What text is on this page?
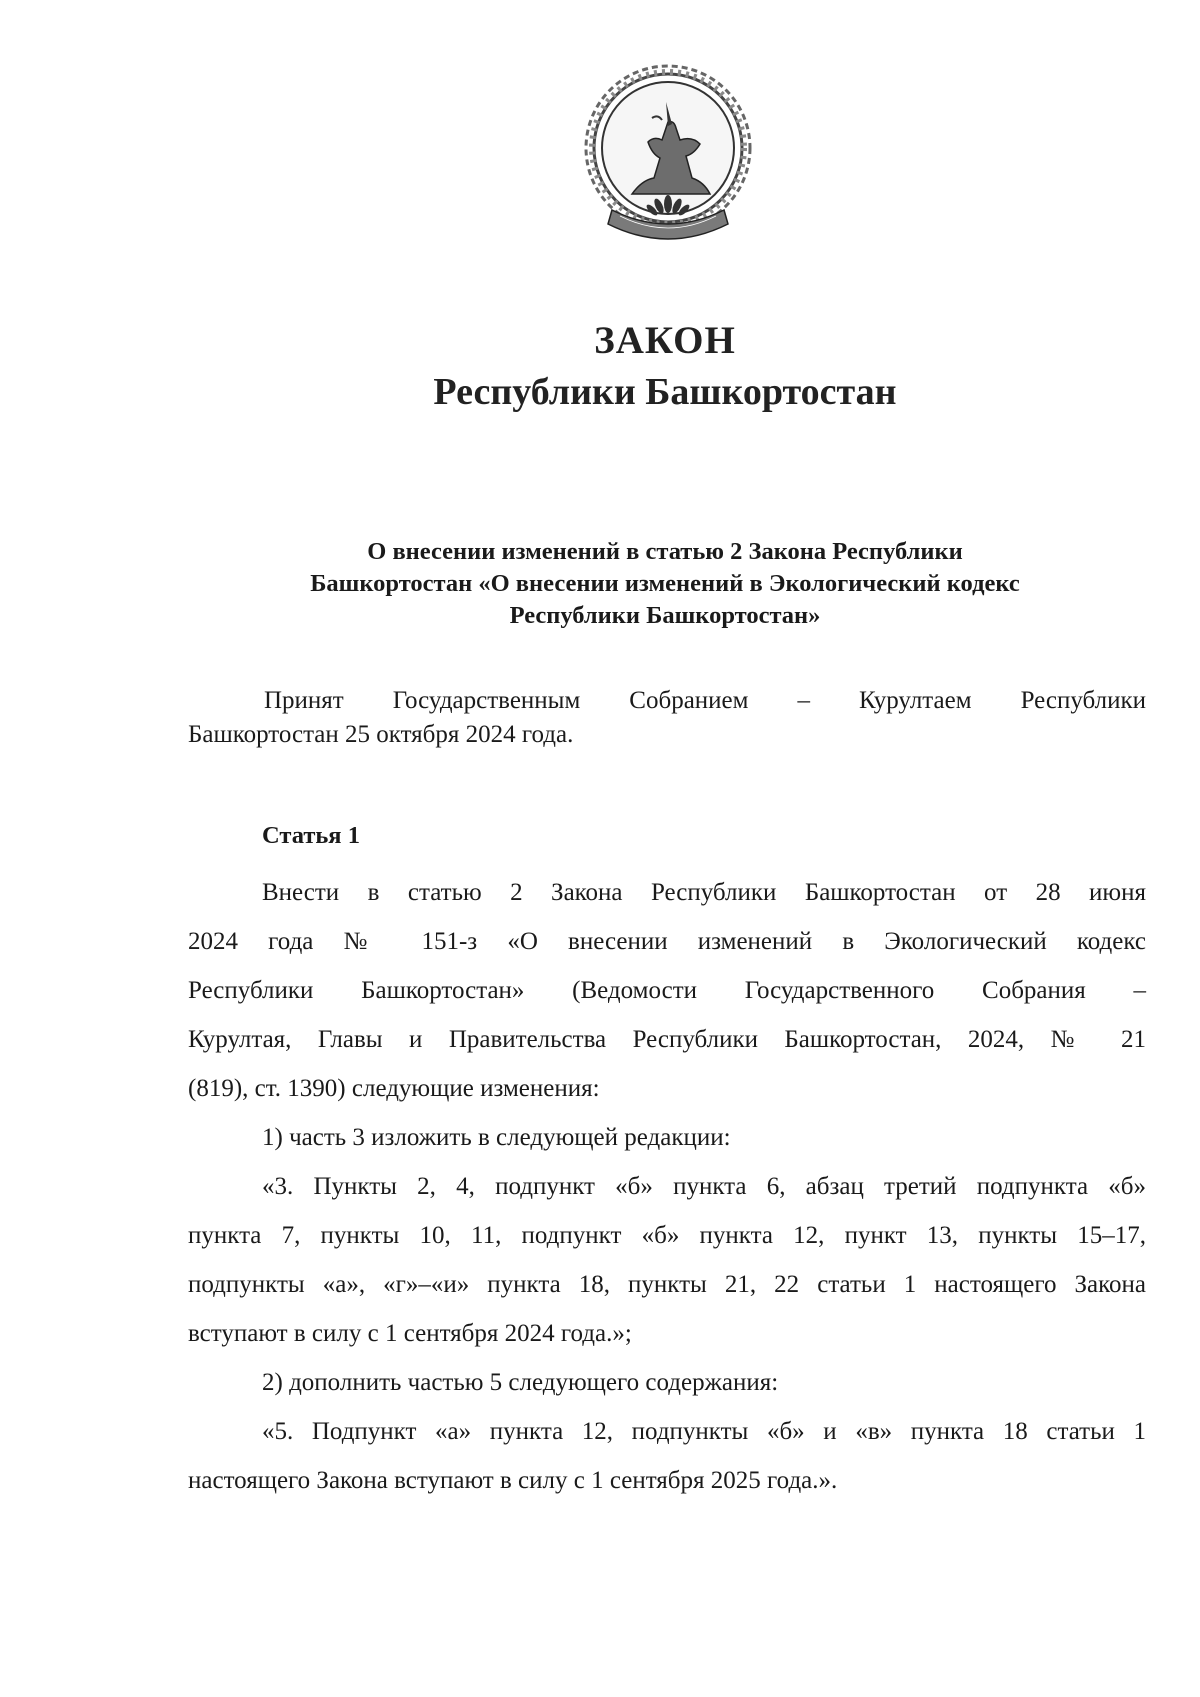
ЗАКОН
Республики Башкортостан
О внесении изменений в статью 2 Закона Республики
Башкортостан «О внесении изменений в Экологический кодекс
Республики Башкортостан»
Принят Государственным Собранием – Курултаем Республики
Башкортостан 25 октября 2024 года.
Статья 1

Внести в статью 2 Закона Республики Башкортостан от 28 июня
2024 года № 151-з «О внесении изменений в Экологический кодекс
Республики Башкортостан» (Ведомости Государственного Собрания –
Курултая, Главы и Правительства Республики Башкортостан, 2024, № 21
(819), ст. 1390) следующие изменения:

1) часть 3 изложить в следующей редакции:

«3. Пункты 2, 4, подпункт «б» пункта 6, абзац третий подпункта «б»
пункта 7, пункты 10, 11, подпункт «б» пункта 12, пункт 13, пункты 15–17,
подпункты «а», «г»–«и» пункта 18, пункты 21, 22 статьи 1 настоящего Закона
вступают в силу с 1 сентября 2024 года.»;

2) дополнить частью 5 следующего содержания:

«5. Подпункт «а» пункта 12, подпункты «б» и «в» пункта 18 статьи 1
настоящего Закона вступают в силу с 1 сентября 2025 года.».
